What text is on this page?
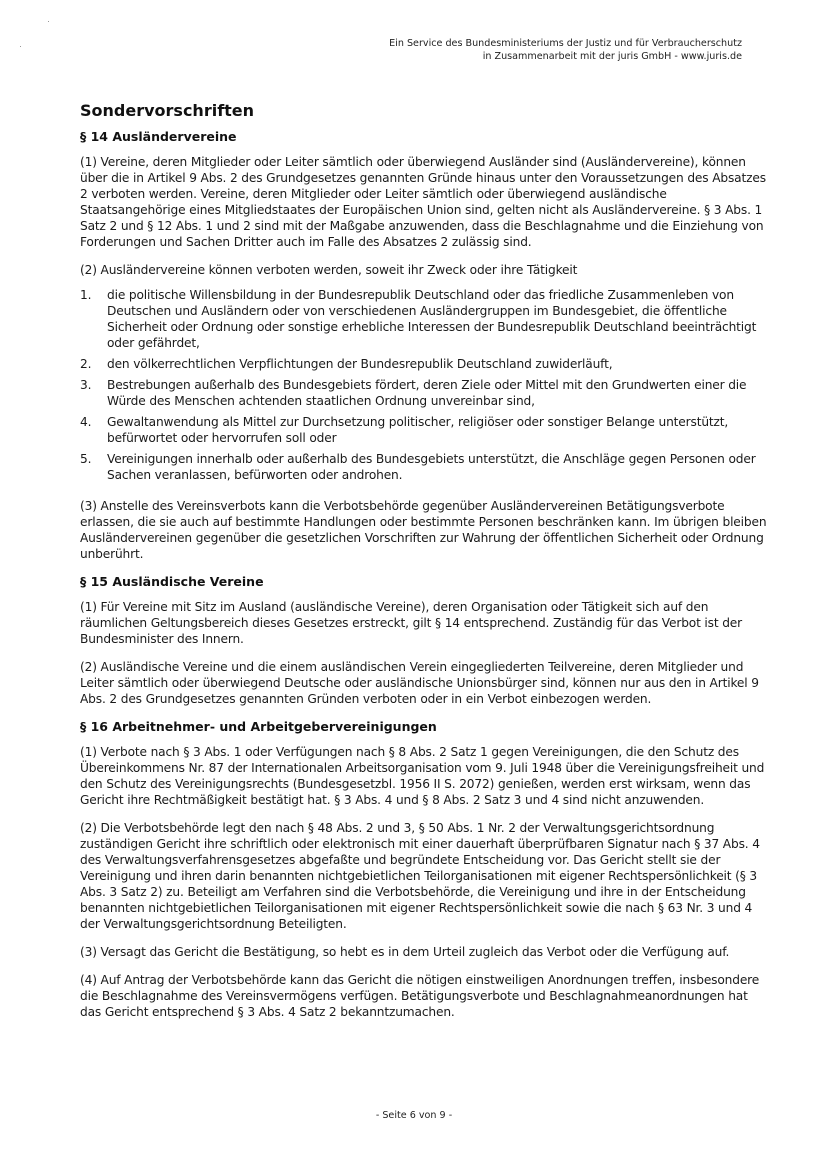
Ein Service des Bundesministeriums der Justiz und für Verbraucherschutz
in Zusammenarbeit mit der juris GmbH - www.juris.de
Sondervorschriften
§ 14 Ausländervereine

(1) Vereine, deren Mitglieder oder Leiter sämtlich oder überwiegend Ausländer sind (Ausländervereine), können über die in Artikel 9 Abs. 2 des Grundgesetzes genannten Gründe hinaus unter den Voraussetzungen des Absatzes 2 verboten werden. Vereine, deren Mitglieder oder Leiter sämtlich oder überwiegend ausländische Staatsangehörige eines Mitgliedstaates der Europäischen Union sind, gelten nicht als Ausländervereine. § 3 Abs. 1 Satz 2 und § 12 Abs. 1 und 2 sind mit der Maßgabe anzuwenden, dass die Beschlagnahme und die Einziehung von Forderungen und Sachen Dritter auch im Falle des Absatzes 2 zulässig sind.

(2) Ausländervereine können verboten werden, soweit ihr Zweck oder ihre Tätigkeit

1.	die politische Willensbildung in der Bundesrepublik Deutschland oder das friedliche Zusammenleben von Deutschen und Ausländern oder von verschiedenen Ausländergruppen im Bundesgebiet, die öffentliche Sicherheit oder Ordnung oder sonstige erhebliche Interessen der Bundesrepublik Deutschland beeinträchtigt oder gefährdet,
2.	den völkerrechtlichen Verpflichtungen der Bundesrepublik Deutschland zuwiderläuft,
3.	Bestrebungen außerhalb des Bundesgebiets fördert, deren Ziele oder Mittel mit den Grundwerten einer die Würde des Menschen achtenden staatlichen Ordnung unvereinbar sind,
4.	Gewaltanwendung als Mittel zur Durchsetzung politischer, religiöser oder sonstiger Belange unterstützt, befürwortet oder hervorrufen soll oder
5.	Vereinigungen innerhalb oder außerhalb des Bundesgebiets unterstützt, die Anschläge gegen Personen oder Sachen veranlassen, befürworten oder androhen.

(3) Anstelle des Vereinsverbots kann die Verbotsbehörde gegenüber Ausländervereinen Betätigungsverbote erlassen, die sie auch auf bestimmte Handlungen oder bestimmte Personen beschränken kann. Im übrigen bleiben Ausländervereinen gegenüber die gesetzlichen Vorschriften zur Wahrung der öffentlichen Sicherheit oder Ordnung unberührt.

§ 15 Ausländische Vereine

(1) Für Vereine mit Sitz im Ausland (ausländische Vereine), deren Organisation oder Tätigkeit sich auf den räumlichen Geltungsbereich dieses Gesetzes erstreckt, gilt § 14 entsprechend. Zuständig für das Verbot ist der Bundesminister des Innern.

(2) Ausländische Vereine und die einem ausländischen Verein eingegliederten Teilvereine, deren Mitglieder und Leiter sämtlich oder überwiegend Deutsche oder ausländische Unionsbürger sind, können nur aus den in Artikel 9 Abs. 2 des Grundgesetzes genannten Gründen verboten oder in ein Verbot einbezogen werden.

§ 16 Arbeitnehmer- und Arbeitgebervereinigungen

(1) Verbote nach § 3 Abs. 1 oder Verfügungen nach § 8 Abs. 2 Satz 1 gegen Vereinigungen, die den Schutz des Übereinkommens Nr. 87 der Internationalen Arbeitsorganisation vom 9. Juli 1948 über die Vereinigungsfreiheit und den Schutz des Vereinigungsrechts (Bundesgesetzbl. 1956 II S. 2072) genießen, werden erst wirksam, wenn das Gericht ihre Rechtmäßigkeit bestätigt hat. § 3 Abs. 4 und § 8 Abs. 2 Satz 3 und 4 sind nicht anzuwenden.

(2) Die Verbotsbehörde legt den nach § 48 Abs. 2 und 3, § 50 Abs. 1 Nr. 2 der Verwaltungsgerichtsordnung zuständigen Gericht ihre schriftlich oder elektronisch mit einer dauerhaft überprüfbaren Signatur nach § 37 Abs. 4 des Verwaltungsverfahrensgesetzes abgefaßte und begründete Entscheidung vor. Das Gericht stellt sie der Vereinigung und ihren darin benannten nichtgebietlichen Teilorganisationen mit eigener Rechtspersönlichkeit (§ 3 Abs. 3 Satz 2) zu. Beteiligt am Verfahren sind die Verbotsbehörde, die Vereinigung und ihre in der Entscheidung benannten nichtgebietlichen Teilorganisationen mit eigener Rechtspersönlichkeit sowie die nach § 63 Nr. 3 und 4 der Verwaltungsgerichtsordnung Beteiligten.

(3) Versagt das Gericht die Bestätigung, so hebt es in dem Urteil zugleich das Verbot oder die Verfügung auf.

(4) Auf Antrag der Verbotsbehörde kann das Gericht die nötigen einstweiligen Anordnungen treffen, insbesondere die Beschlagnahme des Vereinsvermögens verfügen. Betätigungsverbote und Beschlagnahmeanordnungen hat das Gericht entsprechend § 3 Abs. 4 Satz 2 bekanntzumachen.

- Seite 6 von 9 -
